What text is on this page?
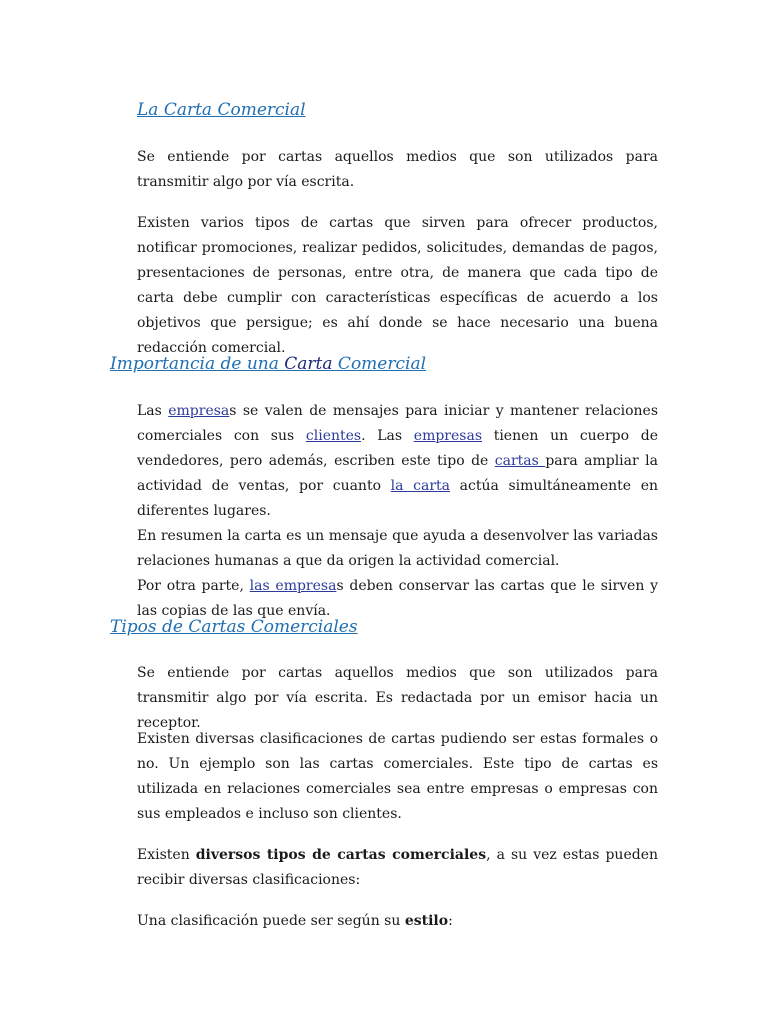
La Carta Comercial

Se entiende por cartas aquellos medios que son utilizados para transmitir algo por vía escrita.

Existen varios tipos de cartas que sirven para ofrecer productos, notificar promociones, realizar pedidos, solicitudes, demandas de pagos, presentaciones de personas, entre otra, de manera que cada tipo de carta debe cumplir con características específicas de acuerdo a los objetivos que persigue; es ahí donde se hace necesario una buena redacción comercial.

Importancia de una Carta Comercial
Las empresas se valen de mensajes para iniciar y mantener relaciones comerciales con sus clientes. Las empresas tienen un cuerpo de vendedores, pero además, escriben este tipo de cartas para ampliar la actividad de ventas, por cuanto la carta actúa simultáneamente en diferentes lugares.
En resumen la carta es un mensaje que ayuda a desenvolver las variadas relaciones humanas a que da origen la actividad comercial.
Por otra parte, las empresas deben conservar las cartas que le sirven y las copias de las que envía.
Tipos de Cartas Comerciales

Se entiende por cartas aquellos medios que son utilizados para transmitir algo por vía escrita. Es redactada por un emisor hacia un receptor.

Existen diversas clasificaciones de cartas pudiendo ser estas formales o no. Un ejemplo son las cartas comerciales. Este tipo de cartas es utilizada en relaciones comerciales sea entre empresas o empresas con sus empleados e incluso son clientes.

Existen diversos tipos de cartas comerciales, a su vez estas pueden recibir diversas clasificaciones:

Una clasificación puede ser según su estilo:
